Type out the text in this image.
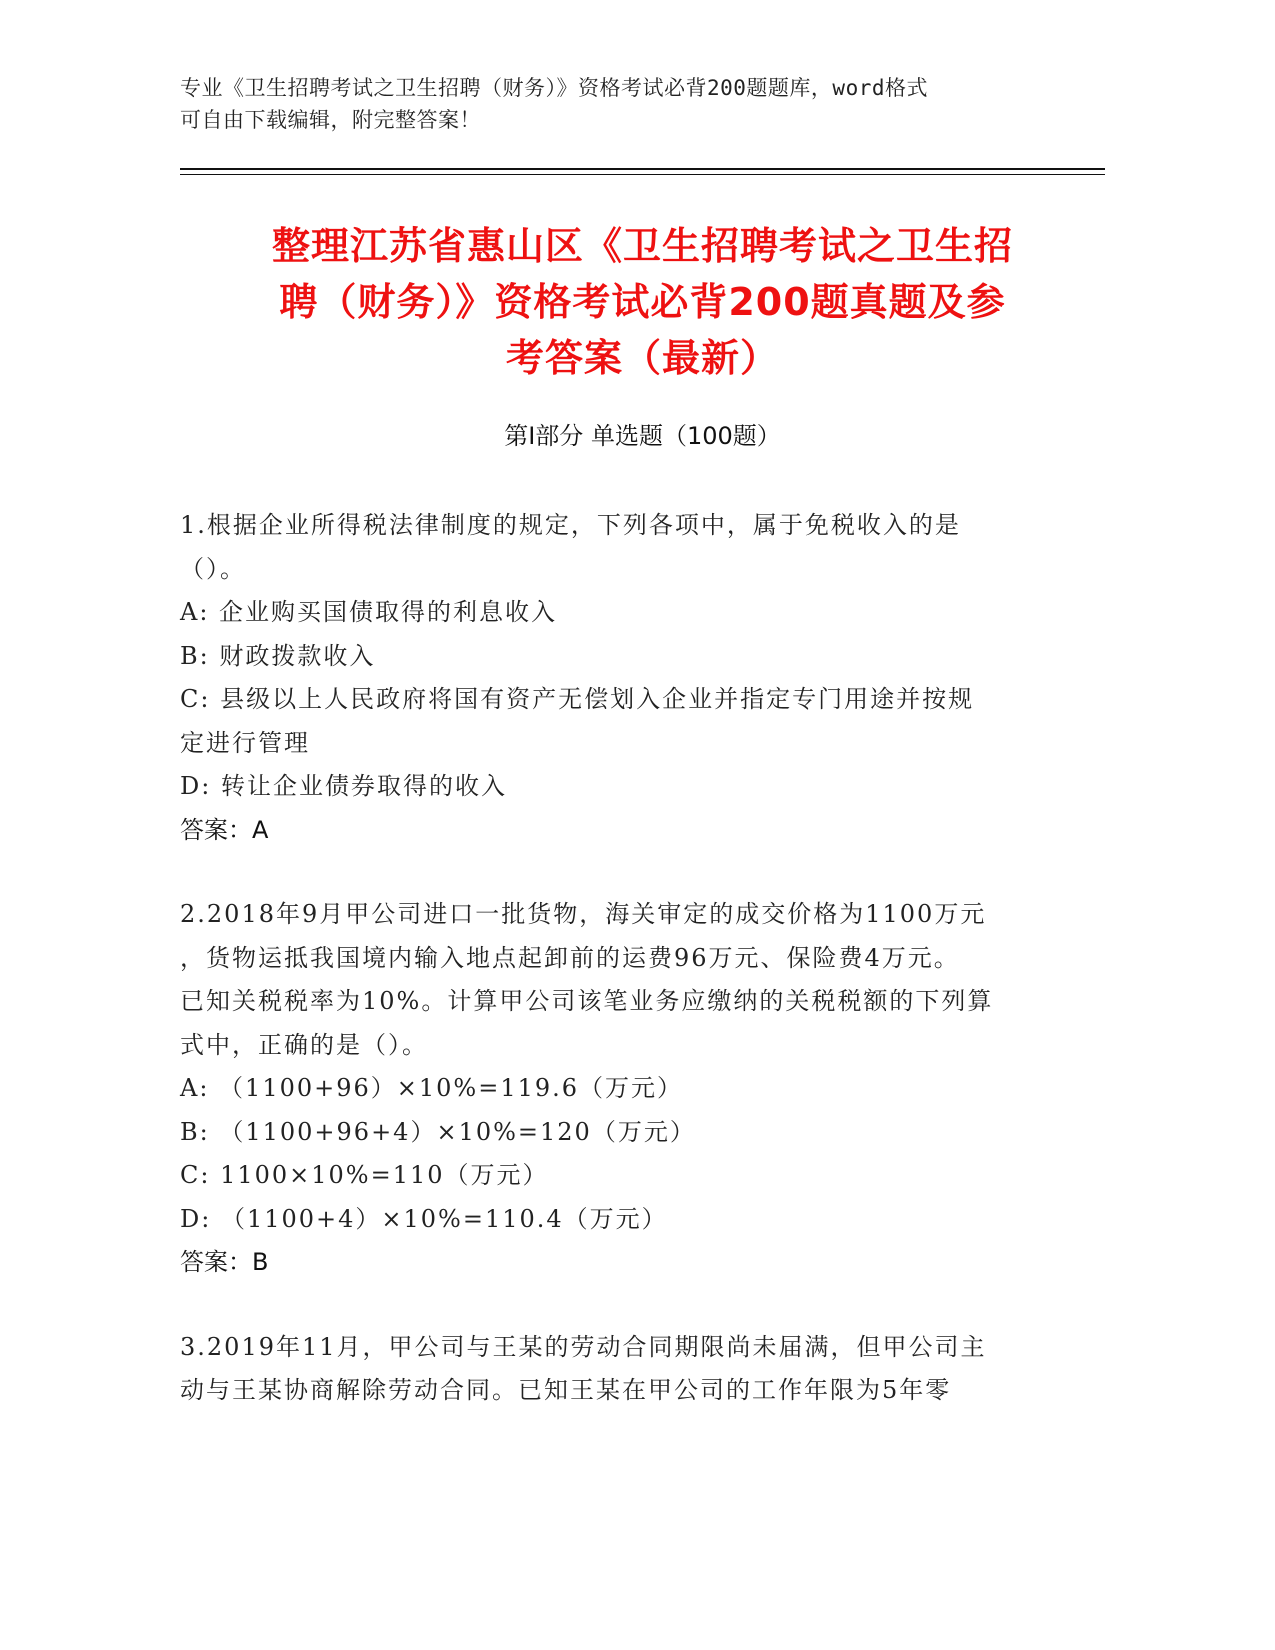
专业《卫生招聘考试之卫生招聘（财务）》资格考试必背200题题库，word格式
可自由下载编辑，附完整答案！
整理江苏省惠山区《卫生招聘考试之卫生招
聘（财务）》资格考试必背200题真题及参
考答案（最新）
第Ⅰ部分 单选题（100题）

1.根据企业所得税法律制度的规定，下列各项中，属于免税收入的是

（）。

A: 企业购买国债取得的利息收入

B: 财政拨款收入

C: 县级以上人民政府将国有资产无偿划入企业并指定专门用途并按规

定进行管理

D: 转让企业债券取得的收入

答案：A

2.2018年9月甲公司进口一批货物，海关审定的成交价格为1100万元

，货物运抵我国境内输入地点起卸前的运费96万元、保险费4万元。

已知关税税率为10%。计算甲公司该笔业务应缴纳的关税税额的下列算

式中，正确的是（）。

A: （1100+96）×10%=119.6（万元）

B: （1100+96+4）×10%=120（万元）

C: 1100×10%=110（万元）

D: （1100+4）×10%=110.4（万元）

答案：B

3.2019年11月，甲公司与王某的劳动合同期限尚未届满，但甲公司主

动与王某协商解除劳动合同。已知王某在甲公司的工作年限为5年零
